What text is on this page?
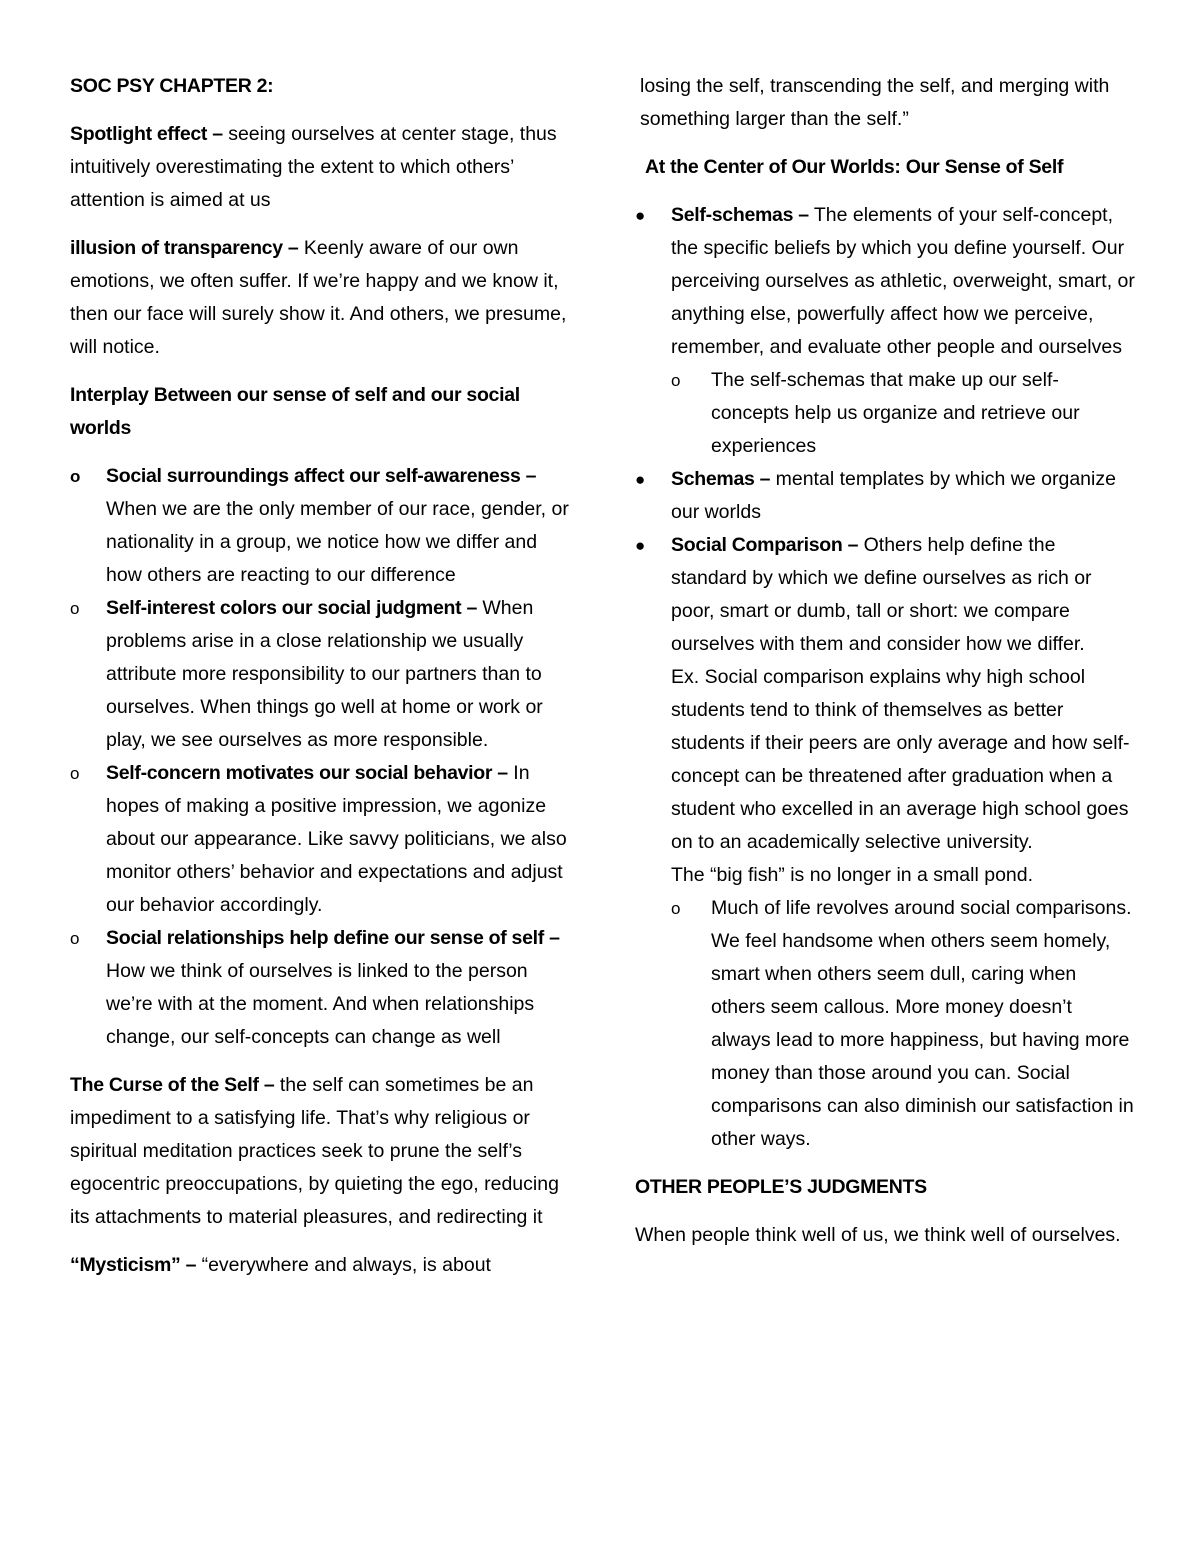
SOC PSY CHAPTER 2:

Spotlight effect – seeing ourselves at center stage, thus intuitively overestimating the extent to which others’ attention is aimed at us

illusion of transparency – Keenly aware of our own emotions, we often suffer. If we’re happy and we know it, then our face will surely show it. And others, we presume, will notice.

Interplay Between our sense of self and our social worlds

o	Social surroundings affect our self-awareness – When we are the only member of our race, gender, or nationality in a group, we notice how we differ and how others are reacting to our difference
o	Self-interest colors our social judgment – When problems arise in a close relationship we usually attribute more responsibility to our partners than to ourselves. When things go well at home or work or play, we see ourselves as more responsible.
o	Self-concern motivates our social behavior – In hopes of making a positive impression, we agonize about our appearance. Like savvy politicians, we also monitor others’ behavior and expectations and adjust our behavior accordingly.
o	Social relationships help define our sense of self – How we think of ourselves is linked to the person we’re with at the moment. And when relationships change, our self-concepts can change as well

The Curse of the Self – the self can sometimes be an impediment to a satisfying life. That’s why religious or spiritual meditation practices seek to prune the self’s egocentric preoccupations, by quieting the ego, reducing its attachments to material pleasures, and redirecting it

“Mysticism” – “everywhere and always, is about

losing the self, transcending the self, and merging with something larger than the self.”

At the Center of Our Worlds: Our Sense of Self

●	Self-schemas – The elements of your self-concept, the specific beliefs by which you define yourself. Our perceiving ourselves as athletic, overweight, smart, or anything else, powerfully affect how we perceive, remember, and evaluate other people and ourselves
o	The self-schemas that make up our self-concepts help us organize and retrieve our experiences
●	Schemas – mental templates by which we organize our worlds
●	Social Comparison – Others help define the standard by which we define ourselves as rich or poor, smart or dumb, tall or short: we compare ourselves with them and consider how we differ.

Ex. Social comparison explains why high school students tend to think of themselves as better students if their peers are only average and how self-concept can be threatened after graduation when a student who excelled in an average high school goes on to an academically selective university.

The “big fish” is no longer in a small pond.

o	Much of life revolves around social comparisons. We feel handsome when others seem homely, smart when others seem dull, caring when others seem callous. More money doesn’t always lead to more happiness, but having more money than those around you can. Social comparisons can also diminish our satisfaction in other ways.

OTHER PEOPLE’S JUDGMENTS

When people think well of us, we think well of ourselves.
